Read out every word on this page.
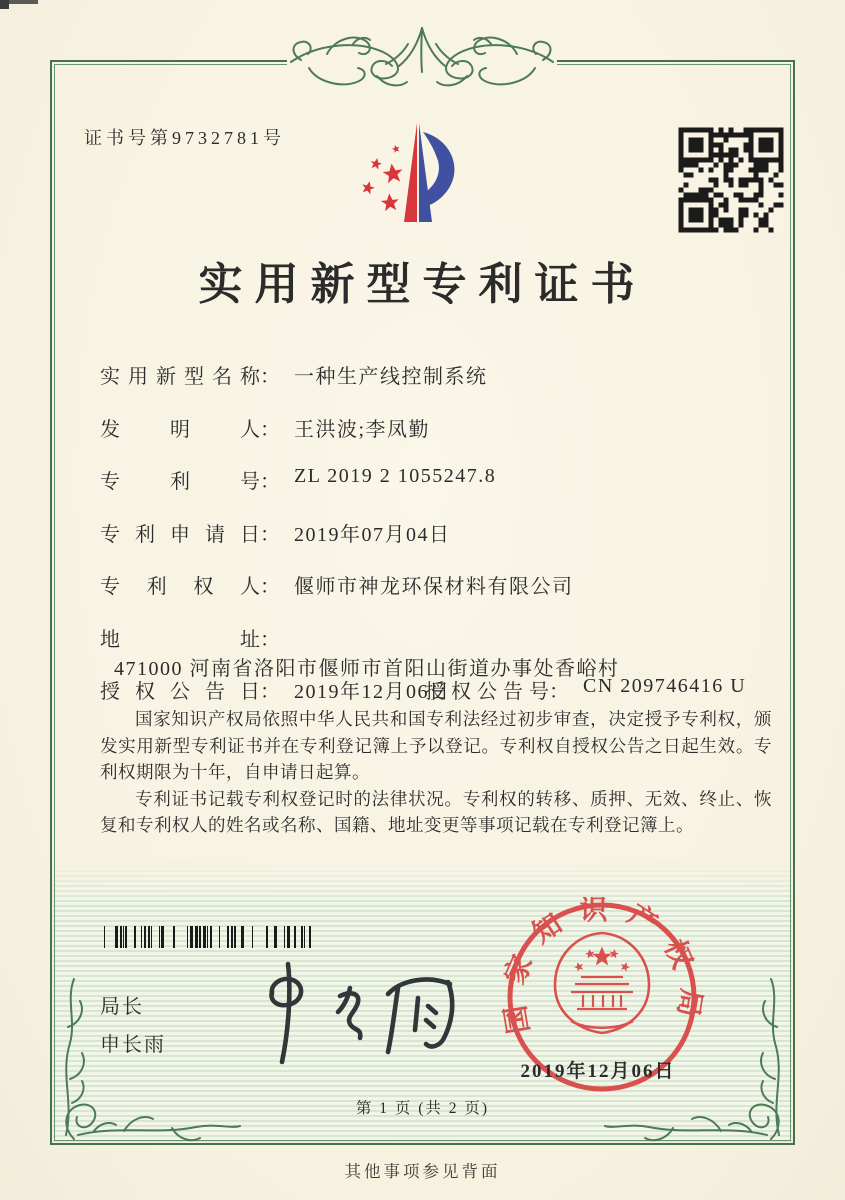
证书号第9732781号
实用新型专利证书
实用新型名称： 一种生产线控制系统
发明人： 王洪波;李凤勤
专利号： ZL 2019 2 1055247.8
专利申请日： 2019年07月04日
专利权人： 偃师市神龙环保材料有限公司
地址：471000 河南省洛阳市偃师市首阳山街道办事处香峪村
授权公告日： 2019年12月06日
授权公告号： CN 209746416 U

国家知识产权局依照中华人民共和国专利法经过初步审查，决定授予专利权，颁发实用新型专利证书并在专利登记簿上予以登记。专利权自授权公告之日起生效。专利权期限为十年，自申请日起算。

专利证书记载专利权登记时的法律状况。专利权的转移、质押、无效、终止、恢复和专利权人的姓名或名称、国籍、地址变更等事项记载在专利登记簿上。

局长
申长雨
国家知识产权局
2019年12月06日
第 1 页 (共 2 页)
其他事项参见背面
